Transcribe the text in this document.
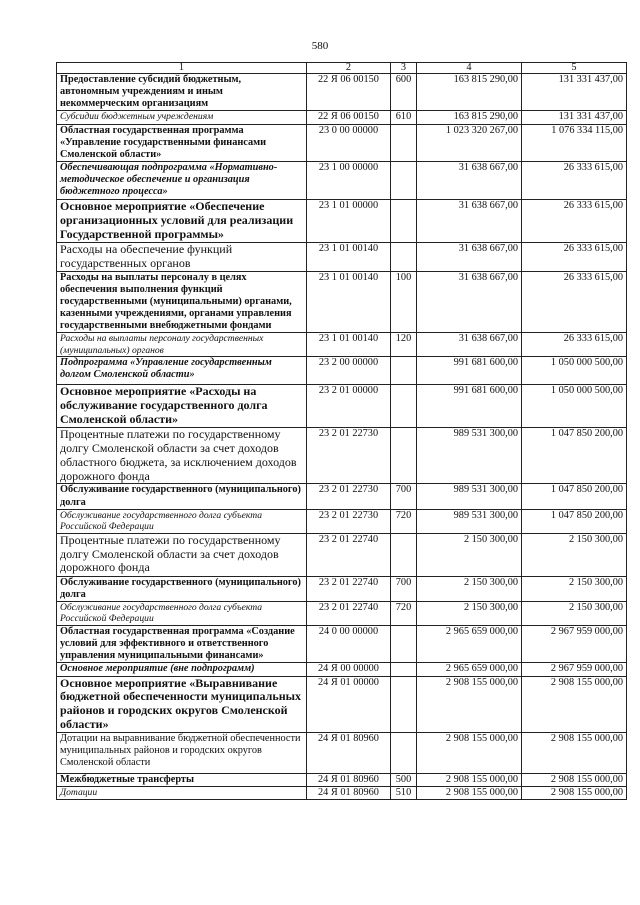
580
1	2	3	4	5
Предоставление субсидий бюджетным, автономным учреждениям и иным некоммерческим организациям	22 Я 06 00150	600	163 815 290,00	131 331 437,00
Субсидии бюджетным учреждениям	22 Я 06 00150	610	163 815 290,00	131 331 437,00
Областная государственная программа «Управление государственными финансами Смоленской области»	23 0 00 00000		1 023 320 267,00	1 076 334 115,00
Обеспечивающая подпрограмма «Нормативно-методическое обеспечение и организация бюджетного процесса»	23 1 00 00000		31 638 667,00	26 333 615,00
Основное мероприятие «Обеспечение организационных условий для реализации Государственной программы»	23 1 01 00000		31 638 667,00	26 333 615,00
Расходы на обеспечение функций государственных органов	23 1 01 00140		31 638 667,00	26 333 615,00
Расходы на выплаты персоналу в целях обеспечения выполнения функций государственными (муниципальными) органами, казенными учреждениями, органами управления государственными внебюджетными фондами	23 1 01 00140	100	31 638 667,00	26 333 615,00
Расходы на выплаты персоналу государственных (муниципальных) органов	23 1 01 00140	120	31 638 667,00	26 333 615,00
Подпрограмма «Управление государственным долгом Смоленской области»	23 2 00 00000		991 681 600,00	1 050 000 500,00
Основное мероприятие «Расходы на обслуживание государственного долга Смоленской области»	23 2 01 00000		991 681 600,00	1 050 000 500,00
Процентные платежи по государственному долгу Смоленской области за счет доходов областного бюджета, за исключением доходов дорожного фонда	23 2 01 22730		989 531 300,00	1 047 850 200,00
Обслуживание государственного (муниципального) долга	23 2 01 22730	700	989 531 300,00	1 047 850 200,00
Обслуживание государственного долга субъекта Российской Федерации	23 2 01 22730	720	989 531 300,00	1 047 850 200,00
Процентные платежи по государственному долгу Смоленской области за счет доходов дорожного фонда	23 2 01 22740		2 150 300,00	2 150 300,00
Обслуживание государственного (муниципального) долга	23 2 01 22740	700	2 150 300,00	2 150 300,00
Обслуживание государственного долга субъекта Российской Федерации	23 2 01 22740	720	2 150 300,00	2 150 300,00
Областная государственная программа «Создание условий для эффективного и ответственного управления муниципальными финансами»	24 0 00 00000		2 965 659 000,00	2 967 959 000,00
Основное мероприятие (вне подпрограмм)	24 Я 00 00000		2 965 659 000,00	2 967 959 000,00
Основное мероприятие «Выравнивание бюджетной обеспеченности муниципальных районов и городских округов Смоленской области»	24 Я 01 00000		2 908 155 000,00	2 908 155 000,00
Дотации на выравнивание бюджетной обеспеченности муниципальных районов и городских округов Смоленской области	24 Я 01 80960		2 908 155 000,00	2 908 155 000,00
Межбюджетные трансферты	24 Я 01 80960	500	2 908 155 000,00	2 908 155 000,00
Дотации	24 Я 01 80960	510	2 908 155 000,00	2 908 155 000,00
